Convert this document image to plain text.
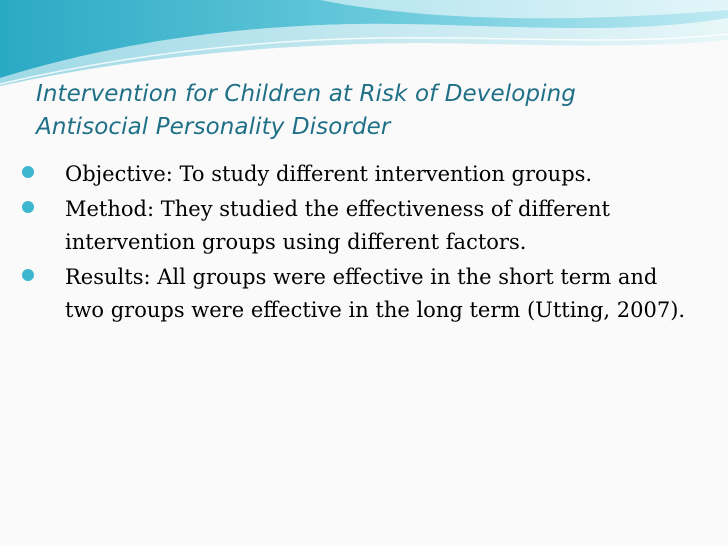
Intervention for Children at Risk of Developing
Antisocial Personality Disorder
Objective: To study different intervention groups.
Method: They studied the effectiveness of different intervention groups using different factors.
Results: All groups were effective in the short term and two groups were effective in the long term (Utting, 2007).
